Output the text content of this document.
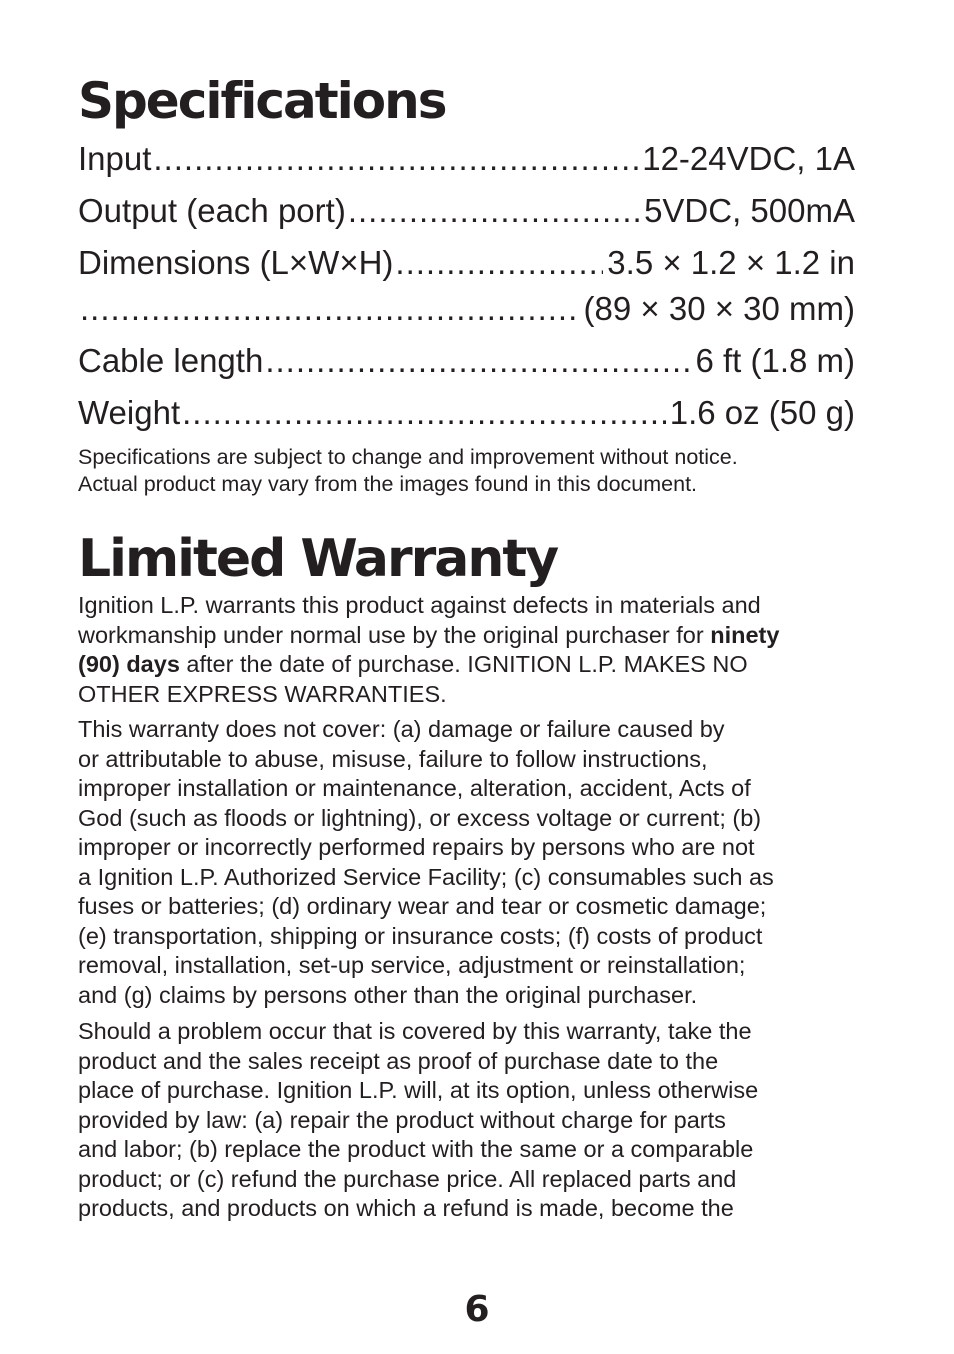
Specifications
Input .....	12-24VDC, 1A
Output (each port) .....	5VDC, 500mA
Dimensions (L×W×H) .....	3.5 × 1.2 × 1.2 in
.....
(89 × 30 × 30 mm)
Cable length .....	6 ft (1.8 m)
Weight .....	1.6 oz (50 g)

Specifications are subject to change and improvement without notice.
Actual product may vary from the images found in this document.

Limited Warranty

Ignition L.P. warrants this product against defects in materials and
workmanship under normal use by the original purchaser for ninety
(90) days after the date of purchase. IGNITION L.P. MAKES NO
OTHER EXPRESS WARRANTIES.

This warranty does not cover: (a) damage or failure caused by
or attributable to abuse, misuse, failure to follow instructions,
improper installation or maintenance, alteration, accident, Acts of
God (such as floods or lightning), or excess voltage or current; (b)
improper or incorrectly performed repairs by persons who are not
a Ignition L.P. Authorized Service Facility; (c) consumables such as
fuses or batteries; (d) ordinary wear and tear or cosmetic damage;
(e) transportation, shipping or insurance costs; (f) costs of product
removal, installation, set-up service, adjustment or reinstallation;
and (g) claims by persons other than the original purchaser.

Should a problem occur that is covered by this warranty, take the
product and the sales receipt as proof of purchase date to the
place of purchase. Ignition L.P. will, at its option, unless otherwise
provided by law: (a) repair the product without charge for parts
and labor; (b) replace the product with the same or a comparable
product; or (c) refund the purchase price. All replaced parts and
products, and products on which a refund is made, become the

6
